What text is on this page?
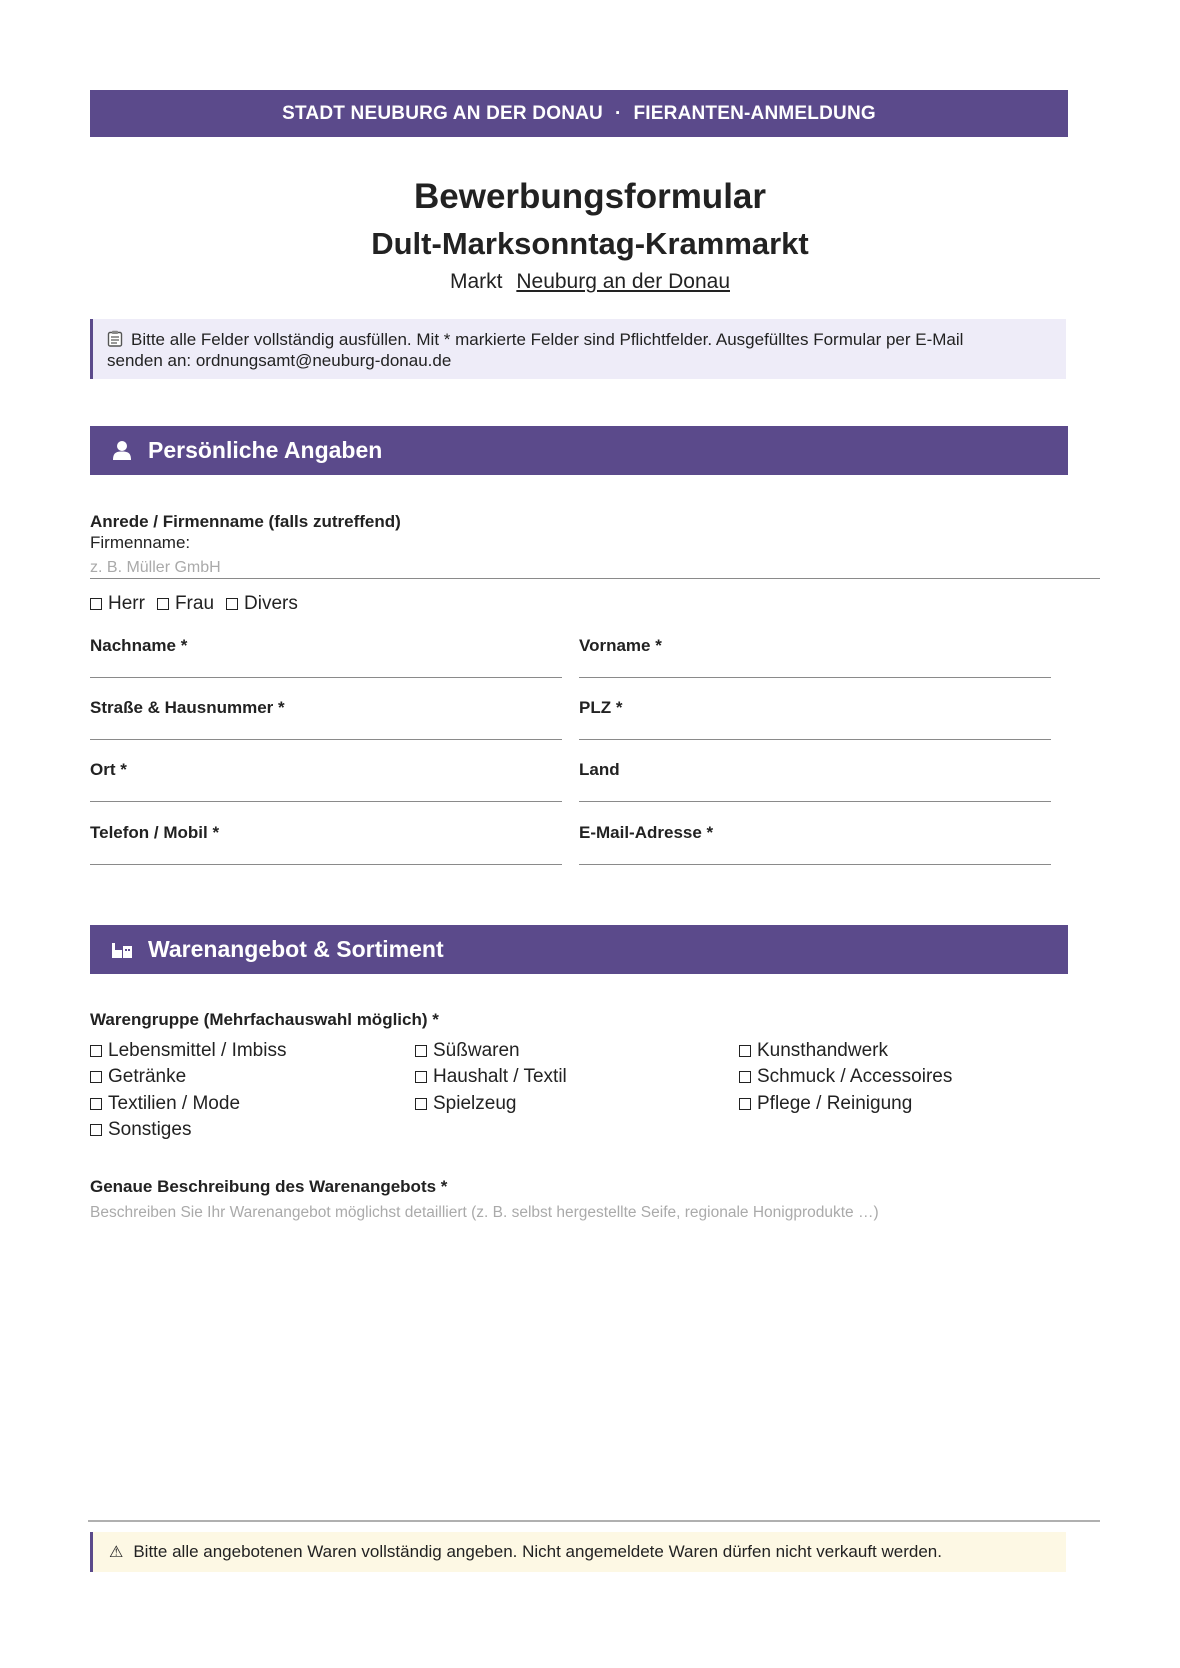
STADT NEUBURG AN DER DONAU · FIERANTEN-ANMELDUNG
Bewerbungsformular
Dult-Marksonntag-Krammarkt
Markt Neuburg an der Donau
Bitte alle Felder vollständig ausfüllen. Mit * markierte Felder sind Pflichtfelder. Ausgefülltes Formular per E-Mail
senden an: ordnungsamt@neuburg-donau.de
Persönliche Angaben
Anrede / Firmenname (falls zutreffend)
Firmenname:
z. B. Müller GmbH
Herr Frau Divers
Nachname *	Vorname *
Straße & Hausnummer *	PLZ *
Ort *	Land
Telefon / Mobil *	E-Mail-Adresse *
Warenangebot & Sortiment
Warengruppe (Mehrfachauswahl möglich) *
Lebensmittel / Imbiss	Süßwaren	Kunsthandwerk
Getränke	Haushalt / Textil	Schmuck / Accessoires
Textilien / Mode	Spielzeug	Pflege / Reinigung
Sonstiges
Genaue Beschreibung des Warenangebots *
Beschreiben Sie Ihr Warenangebot möglichst detailliert (z. B. selbst hergestellte Seife, regionale Honigprodukte …)
⚠ Bitte alle angebotenen Waren vollständig angeben. Nicht angemeldete Waren dürfen nicht verkauft werden.
